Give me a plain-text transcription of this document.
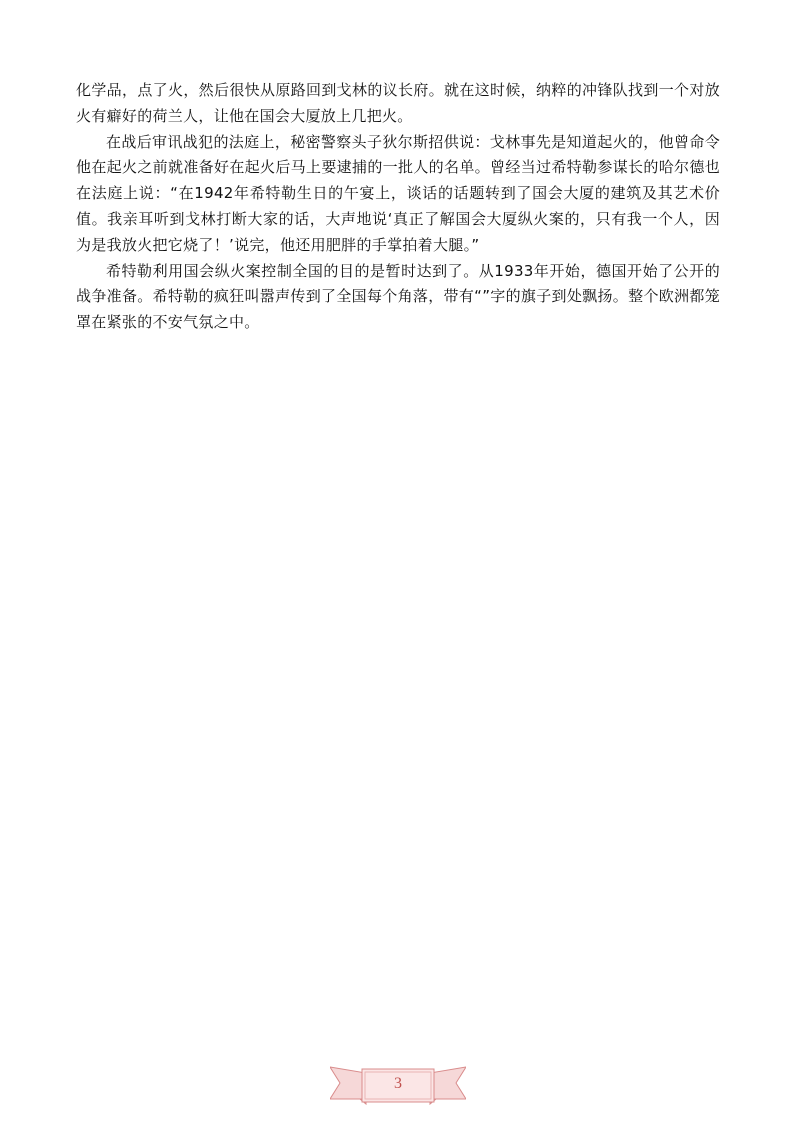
化学品，点了火，然后很快从原路回到戈林的议长府。就在这时候，纳粹的冲锋队找到一个对放火有癖好的荷兰人，让他在国会大厦放上几把火。

在战后审讯战犯的法庭上，秘密警察头子狄尔斯招供说：戈林事先是知道起火的，他曾命令他在起火之前就准备好在起火后马上要逮捕的一批人的名单。曾经当过希特勒参谋长的哈尔德也在法庭上说：“在1942年希特勒生日的午宴上，谈话的话题转到了国会大厦的建筑及其艺术价值。我亲耳听到戈林打断大家的话，大声地说‘真正了解国会大厦纵火案的，只有我一个人，因为是我放火把它烧了！’说完，他还用肥胖的手掌拍着大腿。”

希特勒利用国会纵火案控制全国的目的是暂时达到了。从1933年开始，德国开始了公开的战争准备。希特勒的疯狂叫嚣声传到了全国每个角落，带有“”字的旗子到处飘扬。整个欧洲都笼罩在紧张的不安气氛之中。

3
